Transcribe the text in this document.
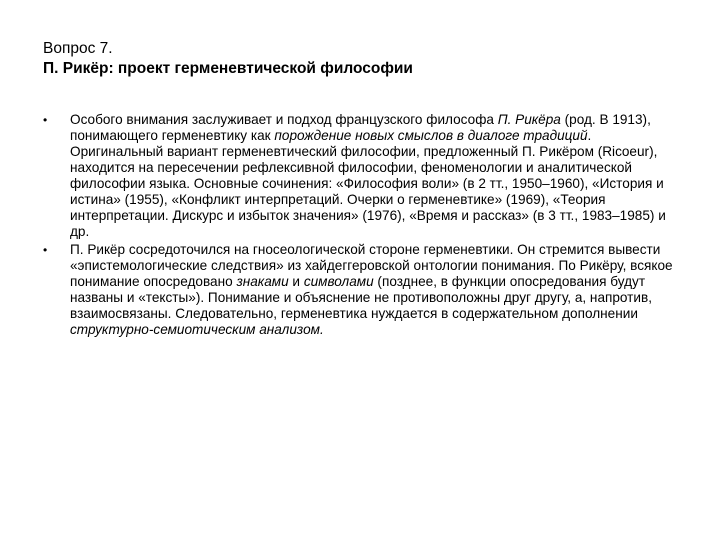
Вопрос 7.
П. Рикёр: проект герменевтической философии
•	Особого внимания заслуживает и подход французского философа П. Рикёра (род. В 1913), понимающего герменевтику как порождение новых смыслов в диалоге традиций. Оригинальный вариант герменевтический философии, предложенный П. Рикёром (Ricoeur), находится на пересечении рефлексивной философии, феноменологии и аналитической философии языка. Основные сочинения: «Философия воли» (в 2 тт., 1950–1960), «История и истина» (1955), «Конфликт интерпретаций. Очерки о герменевтике» (1969), «Теория интерпретации. Дискурс и избыток значения» (1976), «Время и рассказ» (в 3 тт., 1983–1985) и др.
•	П. Рикёр сосредоточился на гносеологической стороне герменевтики. Он стремится вывести «эпистемологические следствия» из хайдеггеровской онтологии понимания. По Рикёру, всякое понимание опосредовано знаками и символами (позднее, в функции опосредования будут названы и «тексты»). Понимание и объяснение не противоположны друг другу, а, напротив, взаимосвязаны. Следовательно, герменевтика нуждается в содержательном дополнении структурно-семиотическим анализом.
